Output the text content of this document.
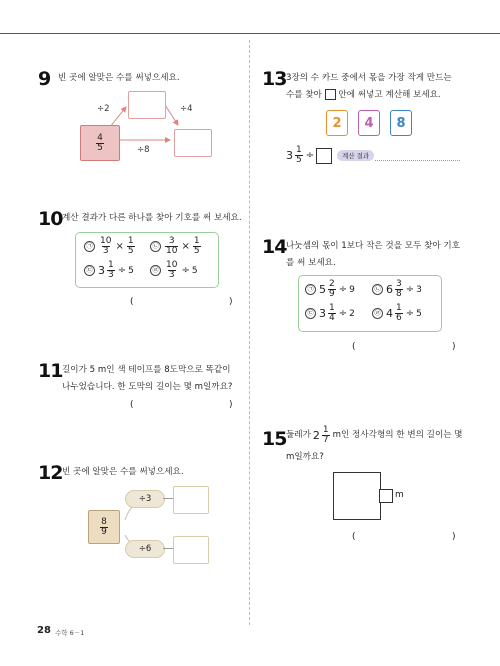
9 빈 곳에 알맞은 수를 써넣으세요.
$\frac{4}{5}$
÷2	÷4
÷8
10 계산 결과가 다른 하나를 찾아 기호를 써 보세요.
㉠ $\frac{10}{3} \times \frac{1}{5}$	㉡ $\frac{3}{10} \times \frac{1}{5}$
㉢ $3 \frac{1}{3} \div 5$	㉣ $\frac{10}{3} \div 5$
(	)
11 길이가 5 m인 색 테이프를 8도막으로 똑같이
나누었습니다. 한 도막의 길이는 몇 m일까요?
(	)
12 빈 곳에 알맞은 수를 써넣으세요.
$\frac{8}{9}$
÷3
÷6
13 3장의 수 카드 중에서 몫을 가장 작게 만드는
수를 찾아 안에 써넣고 계산해 보세요.
2	4	8
$3 \frac{1}{5}$ ÷	계산 결과
14 나눗셈의 몫이 1보다 작은 것을 모두 찾아 기호
를 써 보세요.
㉠ $5 \frac{2}{9} \div 9$	㉡ $6 \frac{3}{8} \div 3$
㉢ $3 \frac{1}{4} \div 2$	㉣ $4 \frac{1}{6} \div 5$
(	)
15 둘레가 $2 \frac{1}{7}$ m인 정사각형의 한 변의 길이는 몇
m일까요?
m
(	)
28 수학 6－1
